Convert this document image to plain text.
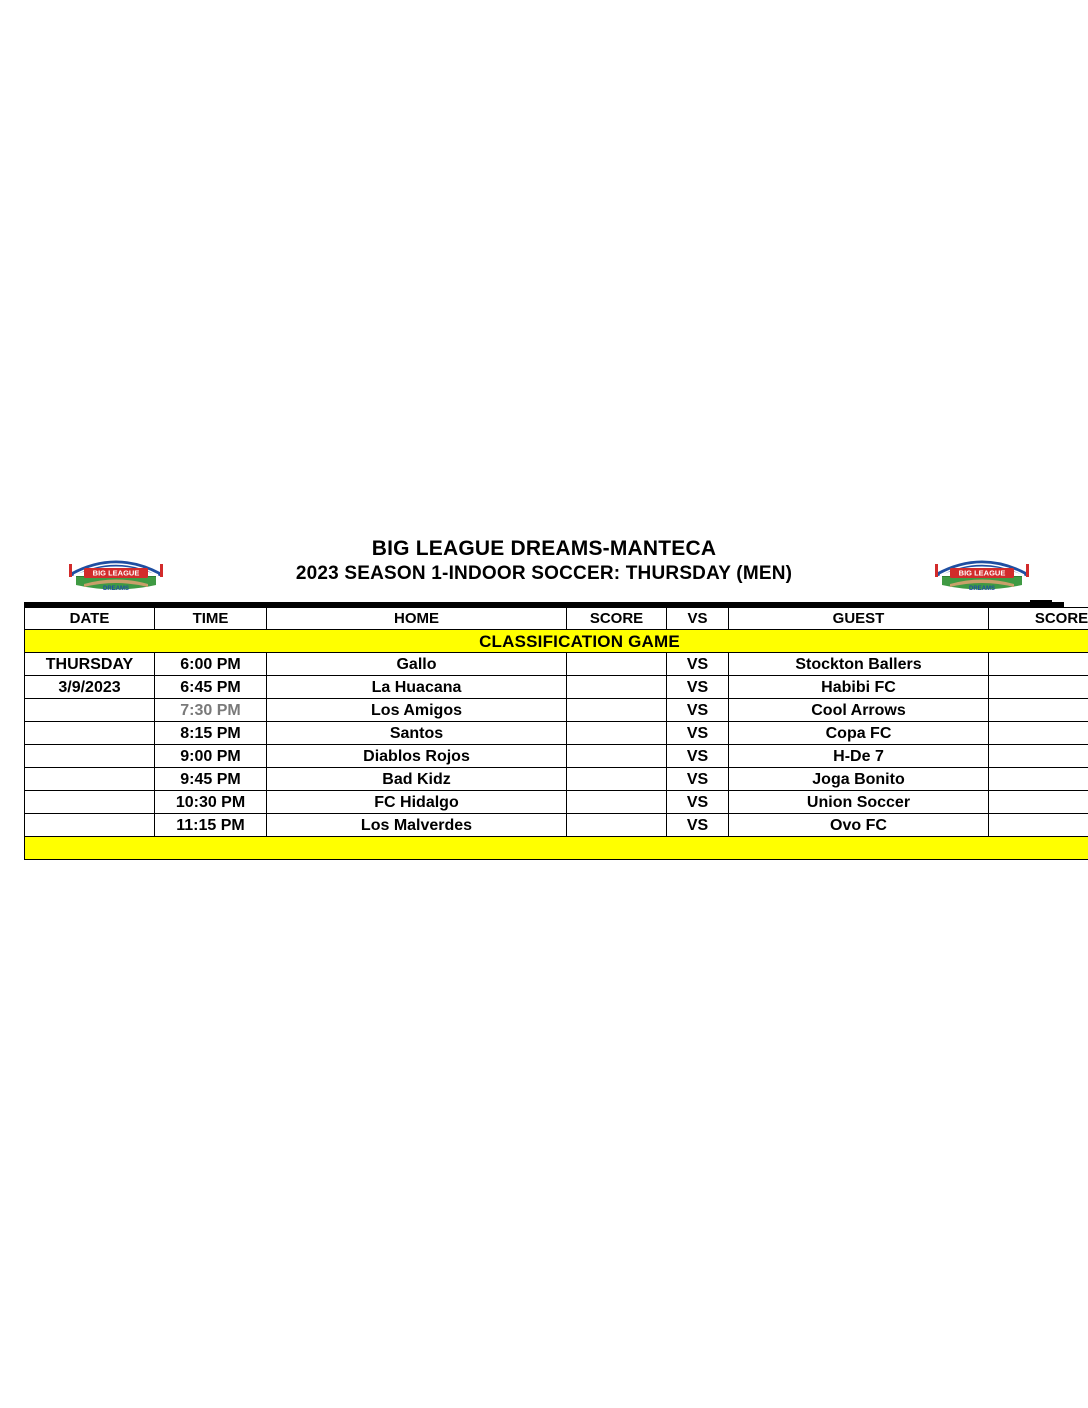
BIG LEAGUE
DREAMS
BIG LEAGUE DREAMS-MANTECA
2023 SEASON 1-INDOOR SOCCER: THURSDAY (MEN)	BIG LEAGUE
DREAMS
DATE	TIME	HOME	SCORE	VS	GUEST	SCORE
CLASSIFICATION GAME						
THURSDAY	6:00 PM	Gallo		VS	Stockton Ballers	
3/9/2023	6:45 PM	La Huacana		VS	Habibi FC	
	7:30 PM	Los Amigos		VS	Cool Arrows	
	8:15 PM	Santos		VS	Copa FC	
	9:00 PM	Diablos Rojos		VS	H-De 7	
	9:45 PM	Bad Kidz		VS	Joga Bonito	
	10:30 PM	FC Hidalgo		VS	Union Soccer	
	11:15 PM	Los Malverdes		VS	Ovo FC	
